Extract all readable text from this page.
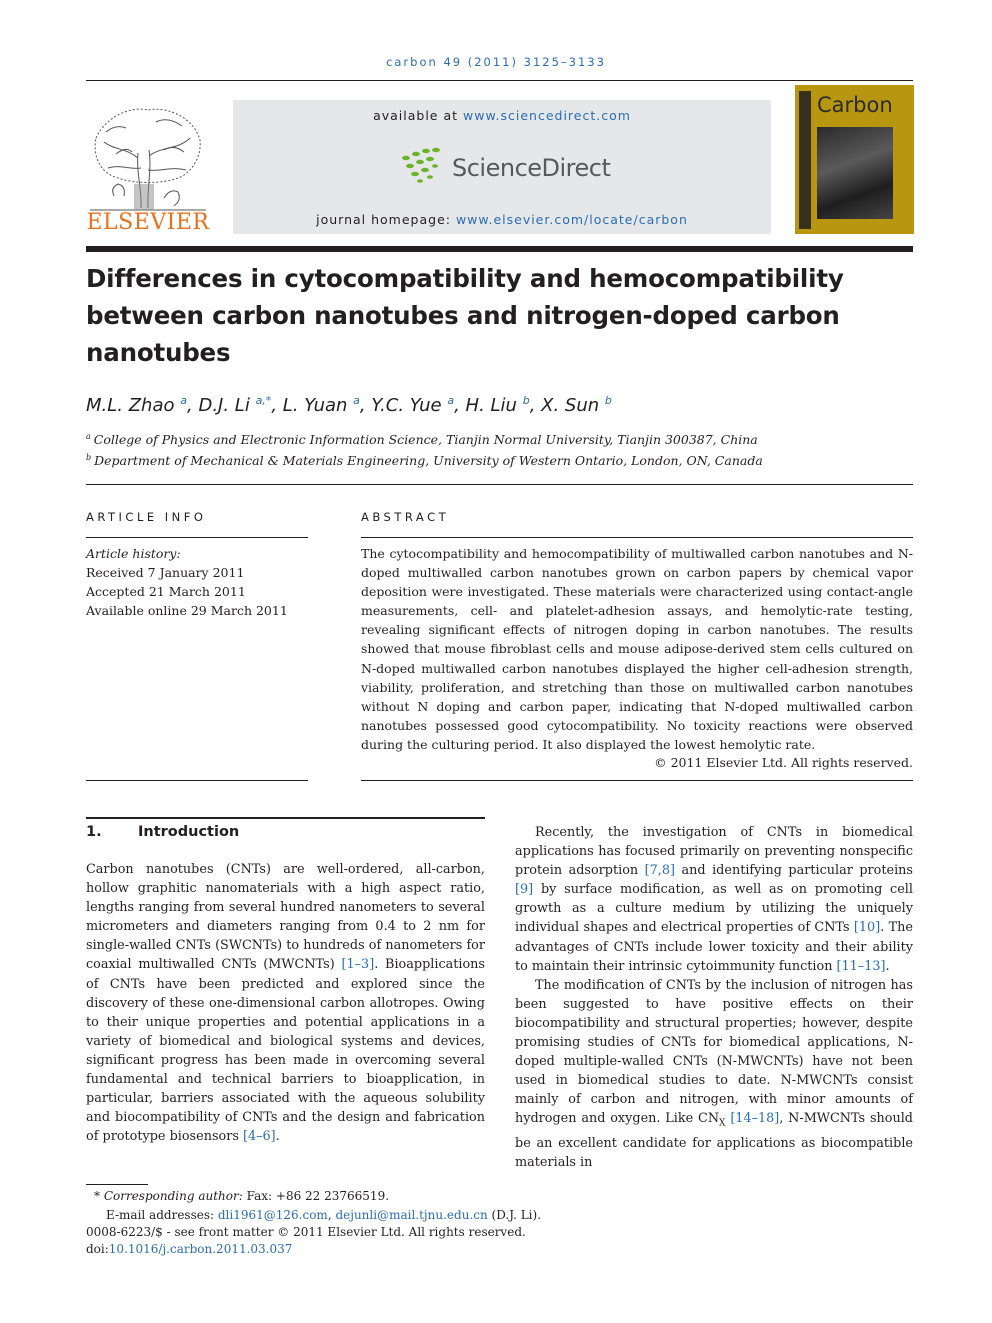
carbon 49 (2011) 3125–3133
ELSEVIER
available at www.sciencedirect.com
ScienceDirect
journal homepage: www.elsevier.com/locate/carbon
Carbon
Differences in cytocompatibility and hemocompatibility between carbon nanotubes and nitrogen-doped carbon nanotubes
M.L. Zhao $^a$, D.J. Li $^{a,*}$, L. Yuan $^a$, Y.C. Yue $^a$, H. Liu $^b$, X. Sun $^b$
$^a$ College of Physics and Electronic Information Science, Tianjin Normal University, Tianjin 300387, China
$^b$ Department of Mechanical & Materials Engineering, University of Western Ontario, London, ON, Canada
ARTICLE INFO
Article history:
Received 7 January 2011
Accepted 21 March 2011
Available online 29 March 2011
ABSTRACT
The cytocompatibility and hemocompatibility of multiwalled carbon nanotubes and N-doped multiwalled carbon nanotubes grown on carbon papers by chemical vapor deposition were investigated. These materials were characterized using contact-angle measurements, cell- and platelet-adhesion assays, and hemolytic-rate testing, revealing significant effects of nitrogen doping in carbon nanotubes. The results showed that mouse fibroblast cells and mouse adipose-derived stem cells cultured on N-doped multiwalled carbon nanotubes displayed the higher cell-adhesion strength, viability, proliferation, and stretching than those on multiwalled carbon nanotubes without N doping and carbon paper, indicating that N-doped multiwalled carbon nanotubes possessed good cytocompatibility. No toxicity reactions were observed during the culturing period. It also displayed the lowest hemolytic rate.
© 2011 Elsevier Ltd. All rights reserved.
1.	Introduction

Carbon nanotubes (CNTs) are well-ordered, all-carbon, hollow graphitic nanomaterials with a high aspect ratio, lengths ranging from several hundred nanometers to several micrometers and diameters ranging from 0.4 to 2 nm for single-walled CNTs (SWCNTs) to hundreds of nanometers for coaxial multiwalled CNTs (MWCNTs) [1–3]. Bioapplications of CNTs have been predicted and explored since the discovery of these one-dimensional carbon allotropes. Owing to their unique properties and potential applications in a variety of biomedical and biological systems and devices, significant progress has been made in overcoming several fundamental and technical barriers to bioapplication, in particular, barriers associated with the aqueous solubility and biocompatibility of CNTs and the design and fabrication of prototype biosensors [4–6].

Recently, the investigation of CNTs in biomedical applications has focused primarily on preventing nonspecific protein adsorption [7,8] and identifying particular proteins [9] by surface modification, as well as on promoting cell growth as a culture medium by utilizing the uniquely individual shapes and electrical properties of CNTs [10]. The advantages of CNTs include lower toxicity and their ability to maintain their intrinsic cytoimmunity function [11–13].

The modification of CNTs by the inclusion of nitrogen has been suggested to have positive effects on their biocompatibility and structural properties; however, despite promising studies of CNTs for biomedical applications, N-doped multiple-walled CNTs (N-MWCNTs) have not been used in biomedical studies to date. N-MWCNTs consist mainly of carbon and nitrogen, with minor amounts of hydrogen and oxygen. Like $CN_X$ [14–18], N-MWCNTs should be an excellent candidate for applications as biocompatible materials in

* Corresponding author: Fax: +86 22 23766519.
E-mail addresses: dli1961@126.com, dejunli@mail.tjnu.edu.cn (D.J. Li).
0008-6223/$ - see front matter © 2011 Elsevier Ltd. All rights reserved.
doi:10.1016/j.carbon.2011.03.037
